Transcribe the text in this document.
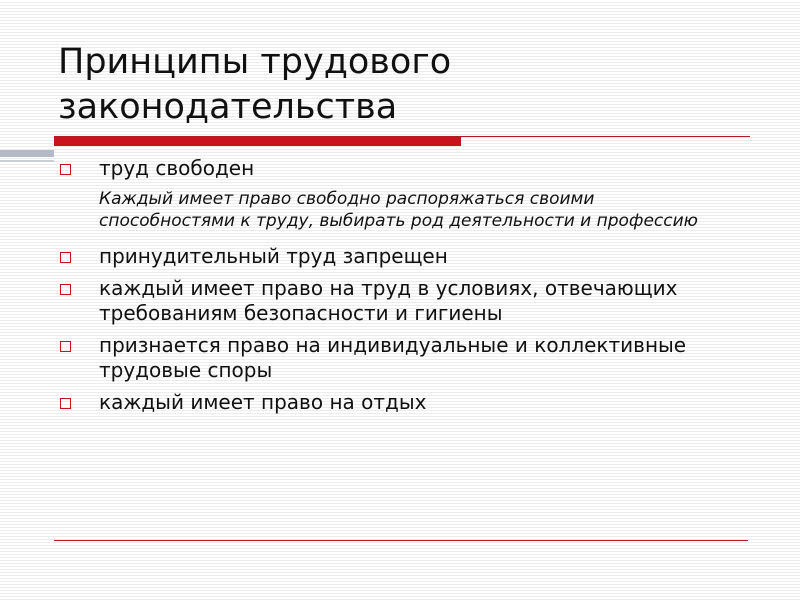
Принципы трудового законодательства
труд свободен
Каждый имеет право свободно распоряжаться своими способностями к труду, выбирать род деятельности и профессию
принудительный труд запрещен
каждый имеет право на труд в условиях, отвечающих требованиям безопасности и гигиены
признается право на индивидуальные и коллективные трудовые споры
каждый имеет право на отдых
